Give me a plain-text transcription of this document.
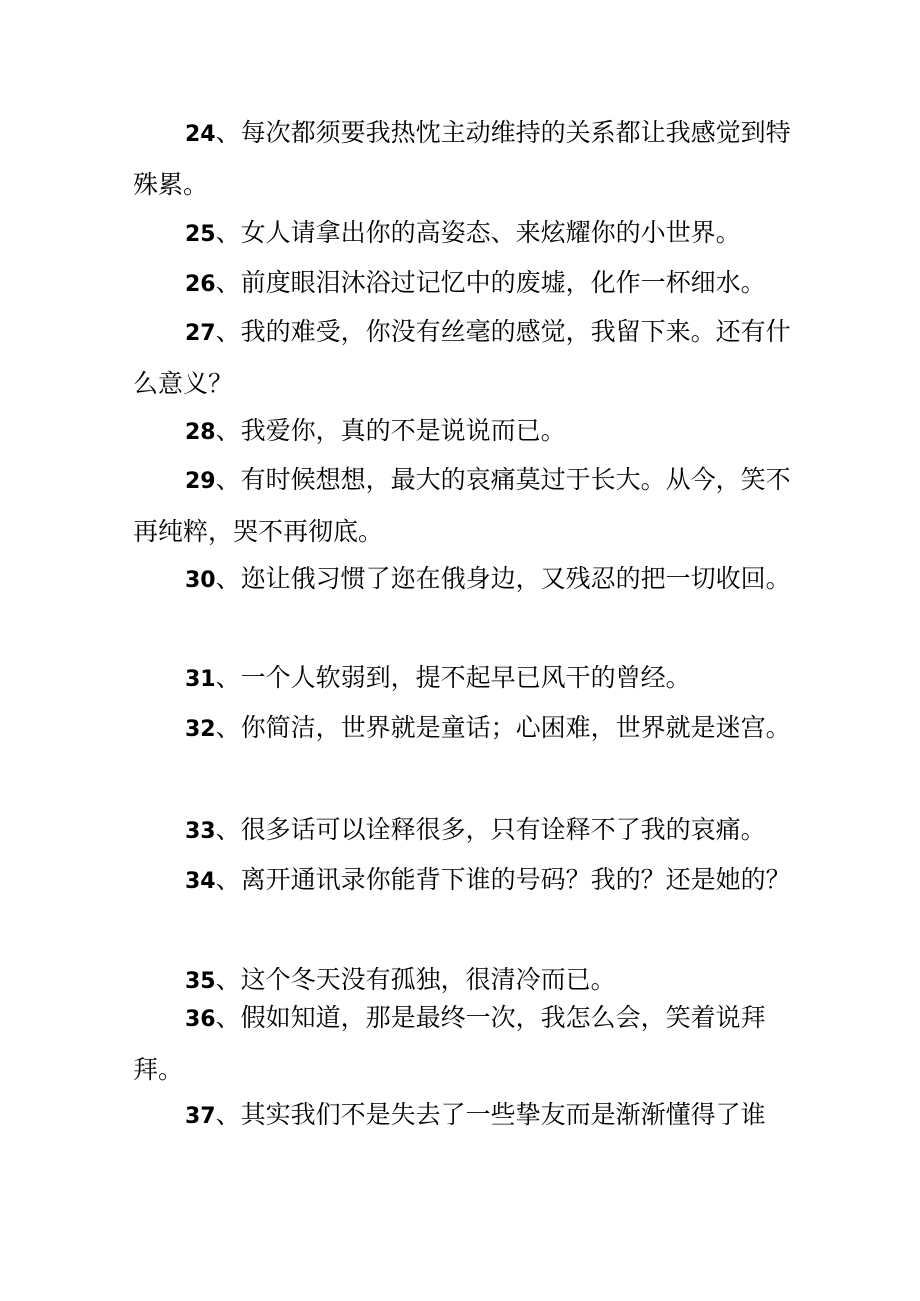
24、每次都须要我热忱主动维持的关系都让我感觉到特殊累。

25、女人请拿出你的高姿态、来炫耀你的小世界。

26、前度眼泪沐浴过记忆中的废墟，化作一杯细水。

27、我的难受，你没有丝毫的感觉，我留下来。还有什么意义？

28、我爱你，真的不是说说而已。

29、有时候想想，最大的哀痛莫过于长大。从今，笑不再纯粹，哭不再彻底。

30、迩让俄习惯了迩在俄身边，又残忍的把一切收回。

31、一个人软弱到，提不起早已风干的曾经。

32、你简洁，世界就是童话；心困难，世界就是迷宫。

33、很多话可以诠释很多，只有诠释不了我的哀痛。

34、离开通讯录你能背下谁的号码？我的？还是她的？

35、这个冬天没有孤独，很清冷而已。

36、假如知道，那是最终一次，我怎么会，笑着说拜拜。

37、其实我们不是失去了一些挚友而是渐渐懂得了谁
